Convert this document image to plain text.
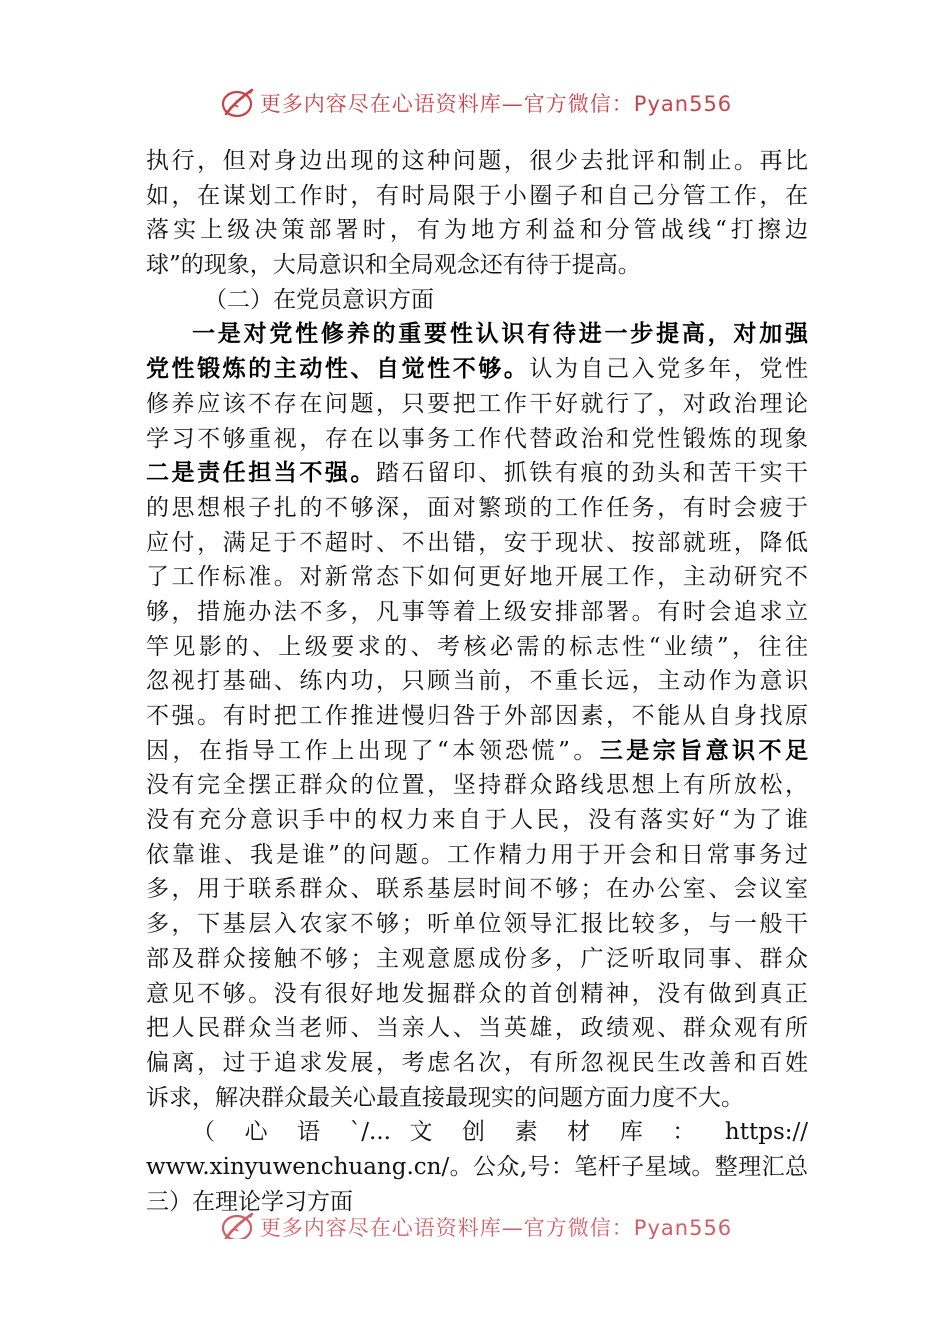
更多内容尽在心语资料库—官方微信：Pyan556
执行，但对身边出现的这种问题，很少去批评和制止。再比
如，在谋划工作时，有时局限于小圈子和自己分管工作，在
落实上级决策部署时，有为地方利益和分管战线“打擦边
球”的现象，大局意识和全局观念还有待于提高。
（二）在党员意识方面
一是对党性修养的重要性认识有待进一步提高，对加强
党性锻炼的主动性、自觉性不够。认为自己入党多年，党性
修养应该不存在问题，只要把工作干好就行了，对政治理论
学习不够重视，存在以事务工作代替政治和党性锻炼的现象
二是责任担当不强。踏石留印、抓铁有痕的劲头和苦干实干
的思想根子扎的不够深，面对繁琐的工作任务，有时会疲于
应付，满足于不超时、不出错，安于现状、按部就班，降低
了工作标准。对新常态下如何更好地开展工作，主动研究不
够，措施办法不多，凡事等着上级安排部署。有时会追求立
竿见影的、上级要求的、考核必需的标志性“业绩”，往往
忽视打基础、练内功，只顾当前，不重长远，主动作为意识
不强。有时把工作推进慢归咎于外部因素，不能从自身找原
因，在指导工作上出现了“本领恐慌”。三是宗旨意识不足
没有完全摆正群众的位置，坚持群众路线思想上有所放松，
没有充分意识手中的权力来自于人民，没有落实好“为了谁
依靠谁、我是谁”的问题。工作精力用于开会和日常事务过
多，用于联系群众、联系基层时间不够；在办公室、会议室
多，下基层入农家不够；听单位领导汇报比较多，与一般干
部及群众接触不够；主观意愿成份多，广泛听取同事、群众
意见不够。没有很好地发掘群众的首创精神，没有做到真正
把人民群众当老师、当亲人、当英雄，政绩观、群众观有所
偏离，过于追求发展，考虑名次，有所忽视民生改善和百姓
诉求，解决群众最关心最直接最现实的问题方面力度不大。
（ 心 语 `/... 文 创 素 材 库 ： https://
www.xinyuwenchuang.cn/。公众,号：笔杆子星域。整理汇总
三）在理论学习方面
更多内容尽在心语资料库—官方微信：Pyan556
